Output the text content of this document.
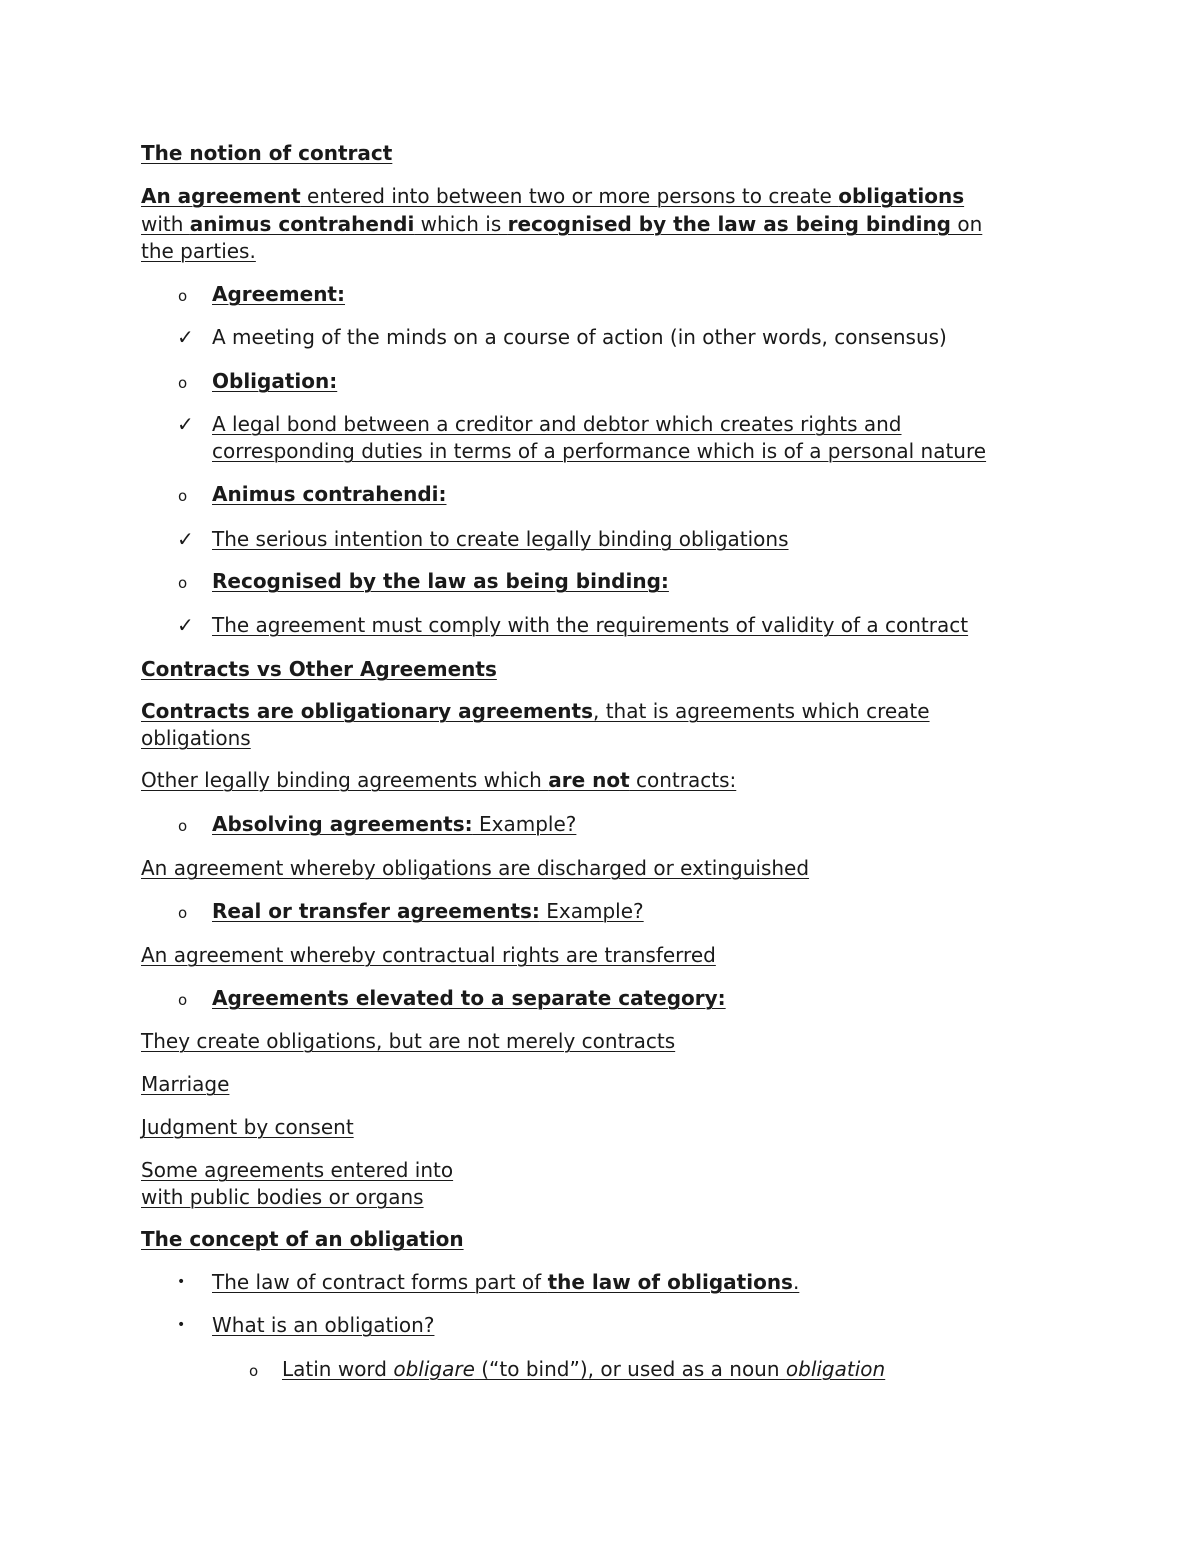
The notion of contract

An agreement entered into between two or more persons to create obligations

with animus contrahendi which is recognised by the law as being binding on

the parties.

o Agreement:

✓ A meeting of the minds on a course of action (in other words, consensus)

o Obligation:

✓ A legal bond between a creditor and debtor which creates rights and

corresponding duties in terms of a performance which is of a personal nature

o Animus contrahendi:

✓ The serious intention to create legally binding obligations

o Recognised by the law as being binding:

✓ The agreement must comply with the requirements of validity of a contract

Contracts vs Other Agreements

Contracts are obligationary agreements, that is agreements which create

obligations

Other legally binding agreements which are not contracts:

o Absolving agreements: Example?

An agreement whereby obligations are discharged or extinguished

o Real or transfer agreements: Example?

An agreement whereby contractual rights are transferred

o Agreements elevated to a separate category:

They create obligations, but are not merely contracts

Marriage

Judgment by consent

Some agreements entered into

with public bodies or organs

The concept of an obligation

• The law of contract forms part of the law of obligations.

• What is an obligation?

o Latin word obligare (“to bind”), or used as a noun obligation
